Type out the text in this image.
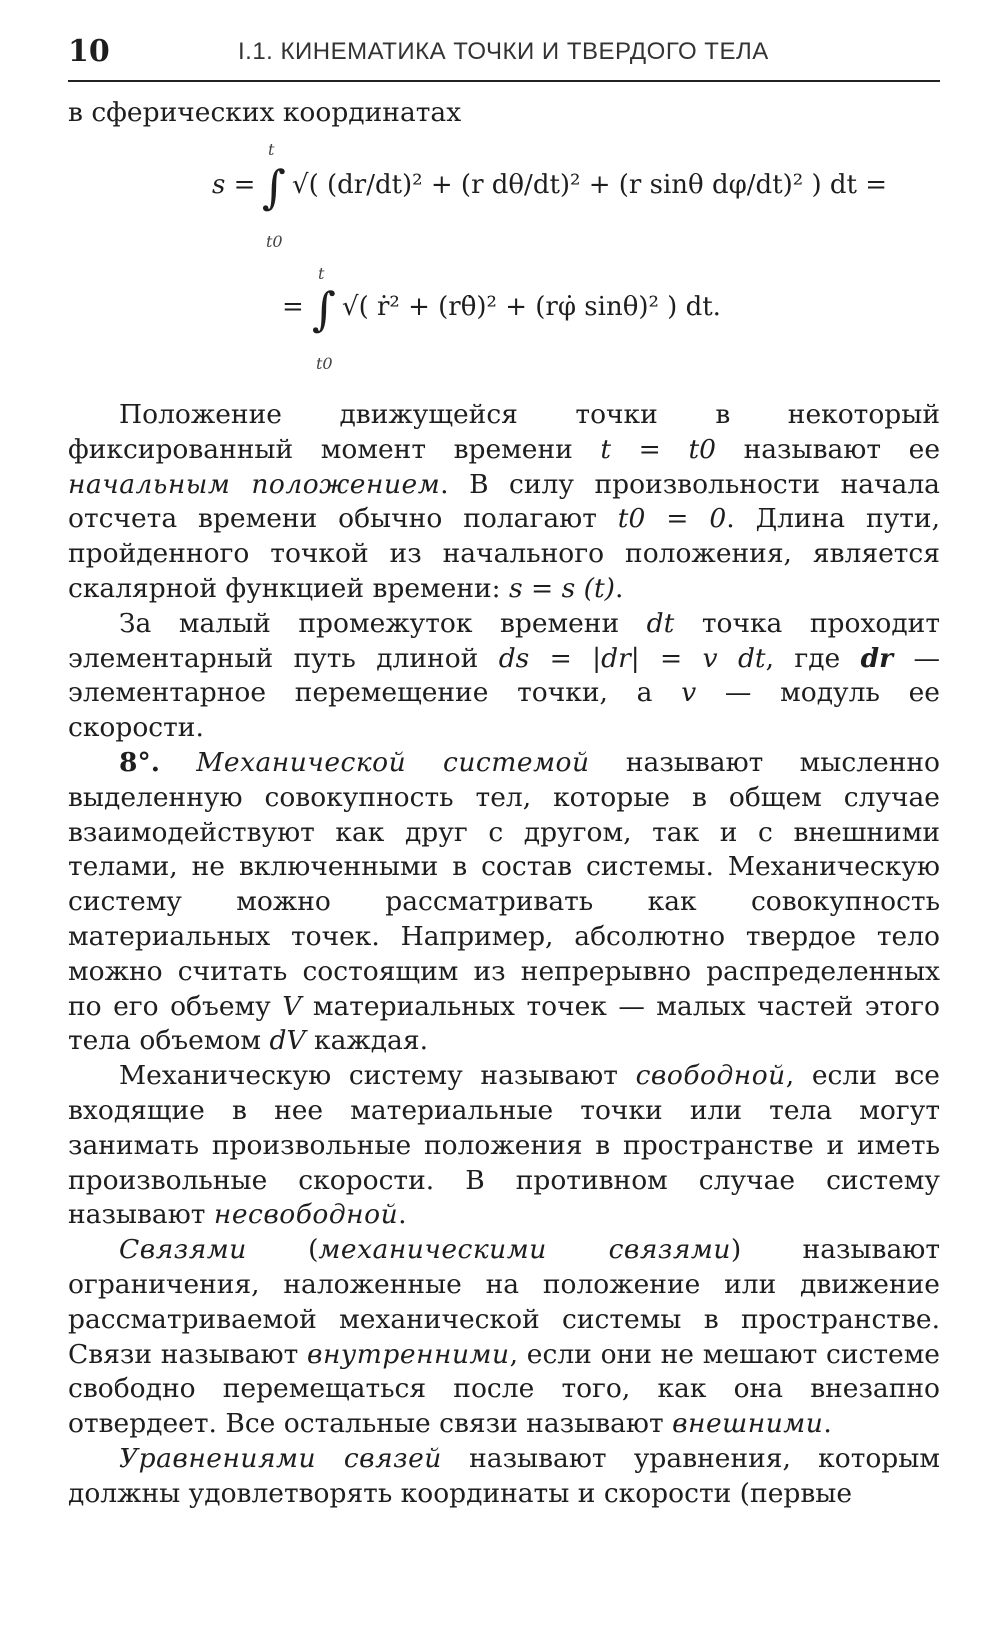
10	I.1. КИНЕМАТИКА ТОЧКИ И ТВЕРДОГО ТЕЛА

в сферических координатах

s = ∫
t
t0
√( (dr/dt)² + (r dθ/dt)² + (r sinθ dφ/dt)² ) dt =
= ∫
t
t0
√( ṙ² + (rθ̇)² + (rφ̇ sinθ)² ) dt.

Положение движущейся точки в некоторый фиксированный момент времени t = t0 называют ее начальным положением. В силу произвольности начала отсчета времени обычно полагают t0 = 0. Длина пути, пройденного точкой из начального положения, является скалярной функцией времени: s = s (t).

За малый промежуток времени dt точка проходит элементарный путь длиной ds = |dr| = v dt, где dr — элементарное перемещение точки, а v — модуль ее скорости.

8°. Механической системой называют мысленно выделенную совокупность тел, которые в общем случае взаимодействуют как друг с другом, так и с внешними телами, не включенными в состав системы. Механическую систему можно рассматривать как совокупность материальных точек. Например, абсолютно твердое тело можно считать состоящим из непрерывно распределенных по его объему V материальных точек — малых частей этого тела объемом dV каждая.

Механическую систему называют свободной, если все входящие в нее материальные точки или тела могут занимать произвольные положения в пространстве и иметь произвольные скорости. В противном случае систему называют несвободной.

Связями (механическими связями) называют ограничения, наложенные на положение или движение рассматриваемой механической системы в пространстве. Связи называют внутренними, если они не мешают системе свободно перемещаться после того, как она внезапно отвердеет. Все остальные связи называют внешними.

Уравнениями связей называют уравнения, которым должны удовлетворять координаты и скорости (первые
